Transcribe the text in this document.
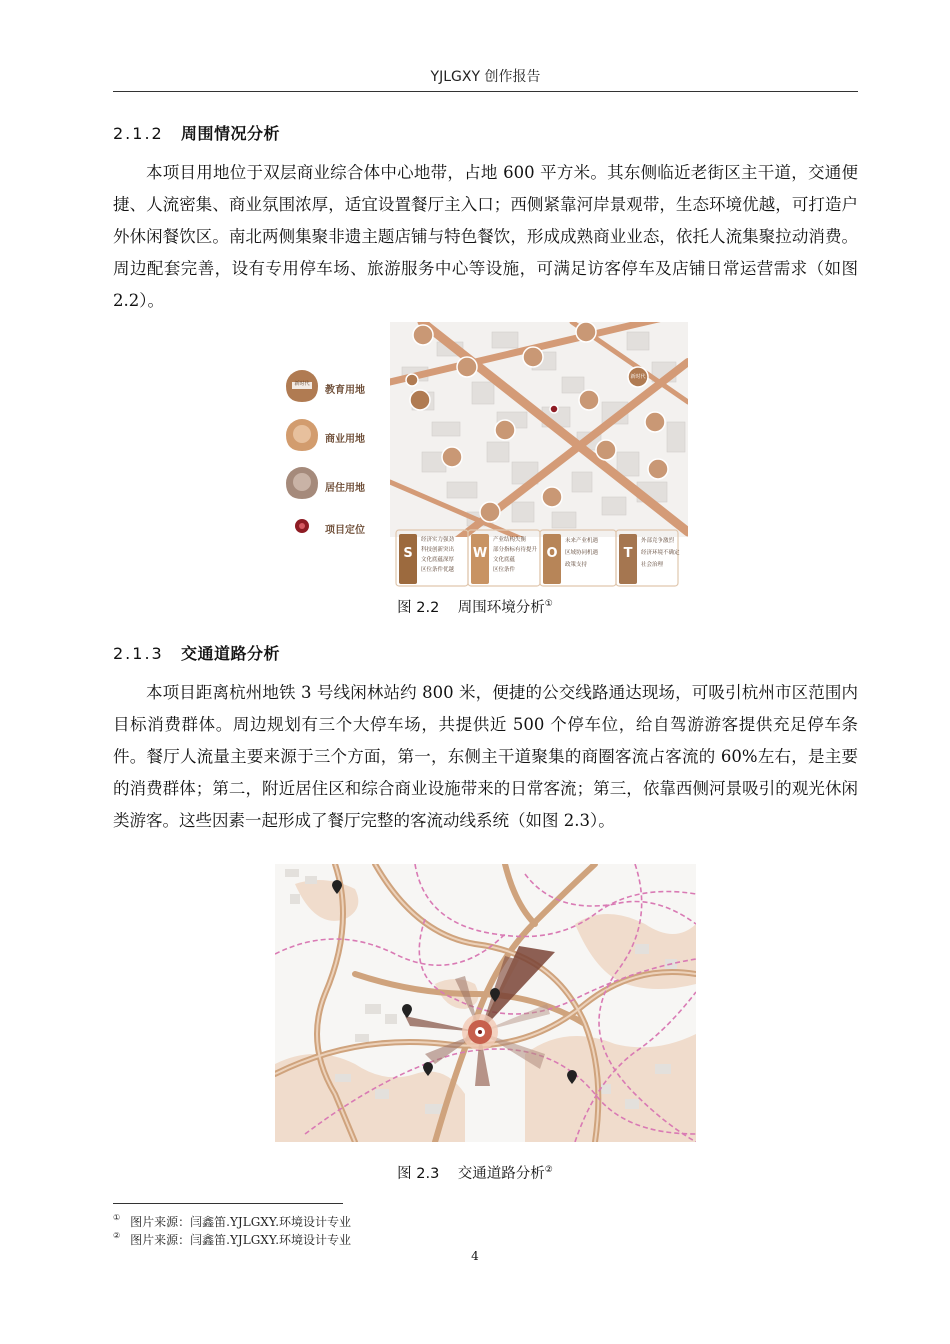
YJLGXY 创作报告
2.1.2 周围情况分析

本项目用地位于双层商业综合体中心地带，占地 600 平方米。其东侧临近老街区主干道，交通便捷、人流密集、商业氛围浓厚，适宜设置餐厅主入口；西侧紧靠河岸景观带，生态环境优越，可打造户外休闲餐饮区。南北两侧集聚非遗主题店铺与特色餐饮，形成成熟商业业态，依托人流集聚拉动消费。周边配套完善，设有专用停车场、旅游服务中心等设施，可满足访客停车及店铺日常运营需求（如图 2.2）。

教育用地
商业用地
居住用地
项目定位
新时代
新时代
S	W	O	T
经济实力强劲
科技创新突出
文化底蕴深厚
区位条件优越
产业结构失衡
部分指标有待提升
文化底蕴
区位条件
未来产业机遇
区域协同机遇
政策支持
外部竞争激烈
经济环境不确定
社会治理
图 2.2 周围环境分析①
2.1.3 交通道路分析

本项目距离杭州地铁 3 号线闲林站约 800 米，便捷的公交线路通达现场，可吸引杭州市区范围内目标消费群体。周边规划有三个大停车场，共提供近 500 个停车位，给自驾游游客提供充足停车条件。餐厅人流量主要来源于三个方面，第一，东侧主干道聚集的商圈客流占客流的 60%左右，是主要的消费群体；第二，附近居住区和综合商业设施带来的日常客流；第三，依靠西侧河景吸引的观光休闲类游客。这些因素一起形成了餐厅完整的客流动线系统（如图 2.3）。

图 2.3 交通道路分析②
① 图片来源：闫鑫笛.YJLGXY.环境设计专业
② 图片来源：闫鑫笛.YJLGXY.环境设计专业
4
